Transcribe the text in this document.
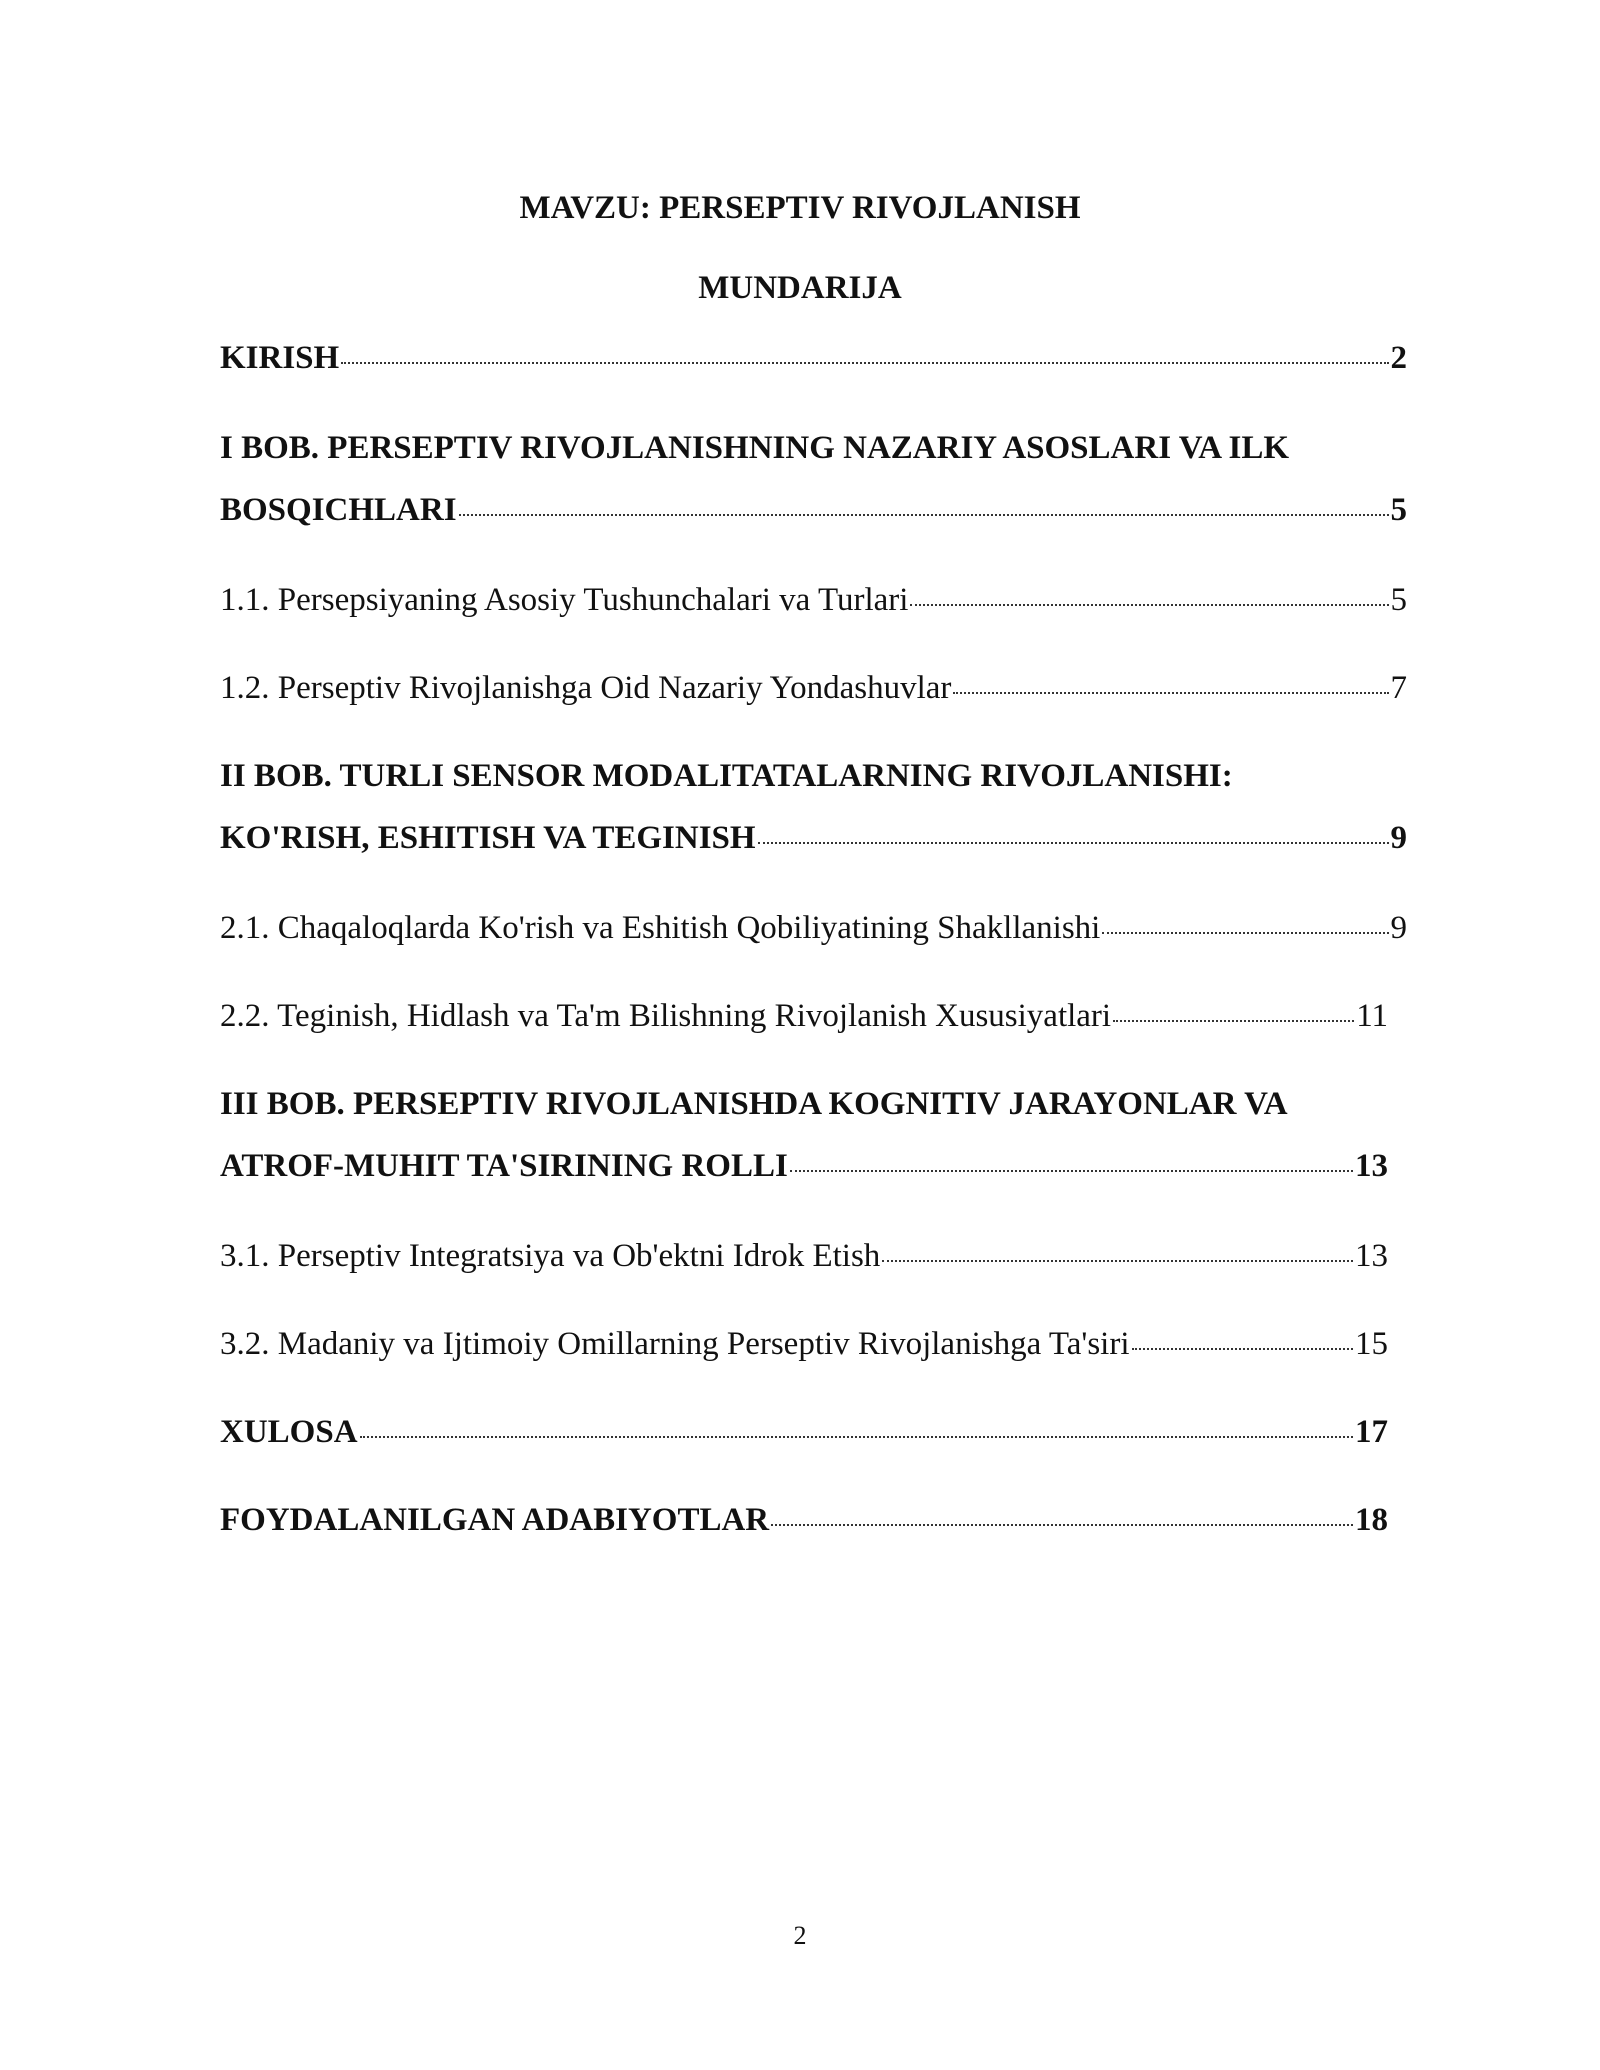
MAVZU: PERSEPTIV RIVOJLANISH
MUNDARIJA
KIRISH	2
I BOB. PERSEPTIV RIVOJLANISHNING NAZARIY ASOSLARI VA ILK
BOSQICHLARI	5
1.1. Persepsiyaning Asosiy Tushunchalari va Turlari	5
1.2. Perseptiv Rivojlanishga Oid Nazariy Yondashuvlar	7
II BOB. TURLI SENSOR MODALITATALARNING RIVOJLANISHI:
KO'RISH, ESHITISH VA TEGINISH	9
2.1. Chaqaloqlarda Ko'rish va Eshitish Qobiliyatining Shakllanishi	9
2.2. Teginish, Hidlash va Ta'm Bilishning Rivojlanish Xususiyatlari	11
III BOB. PERSEPTIV RIVOJLANISHDA KOGNITIV JARAYONLAR VA
ATROF-MUHIT TA'SIRINING ROLLI	13
3.1. Perseptiv Integratsiya va Ob'ektni Idrok Etish	13
3.2. Madaniy va Ijtimoiy Omillarning Perseptiv Rivojlanishga Ta'siri	15
XULOSA	17
FOYDALANILGAN ADABIYOTLAR	18
2
